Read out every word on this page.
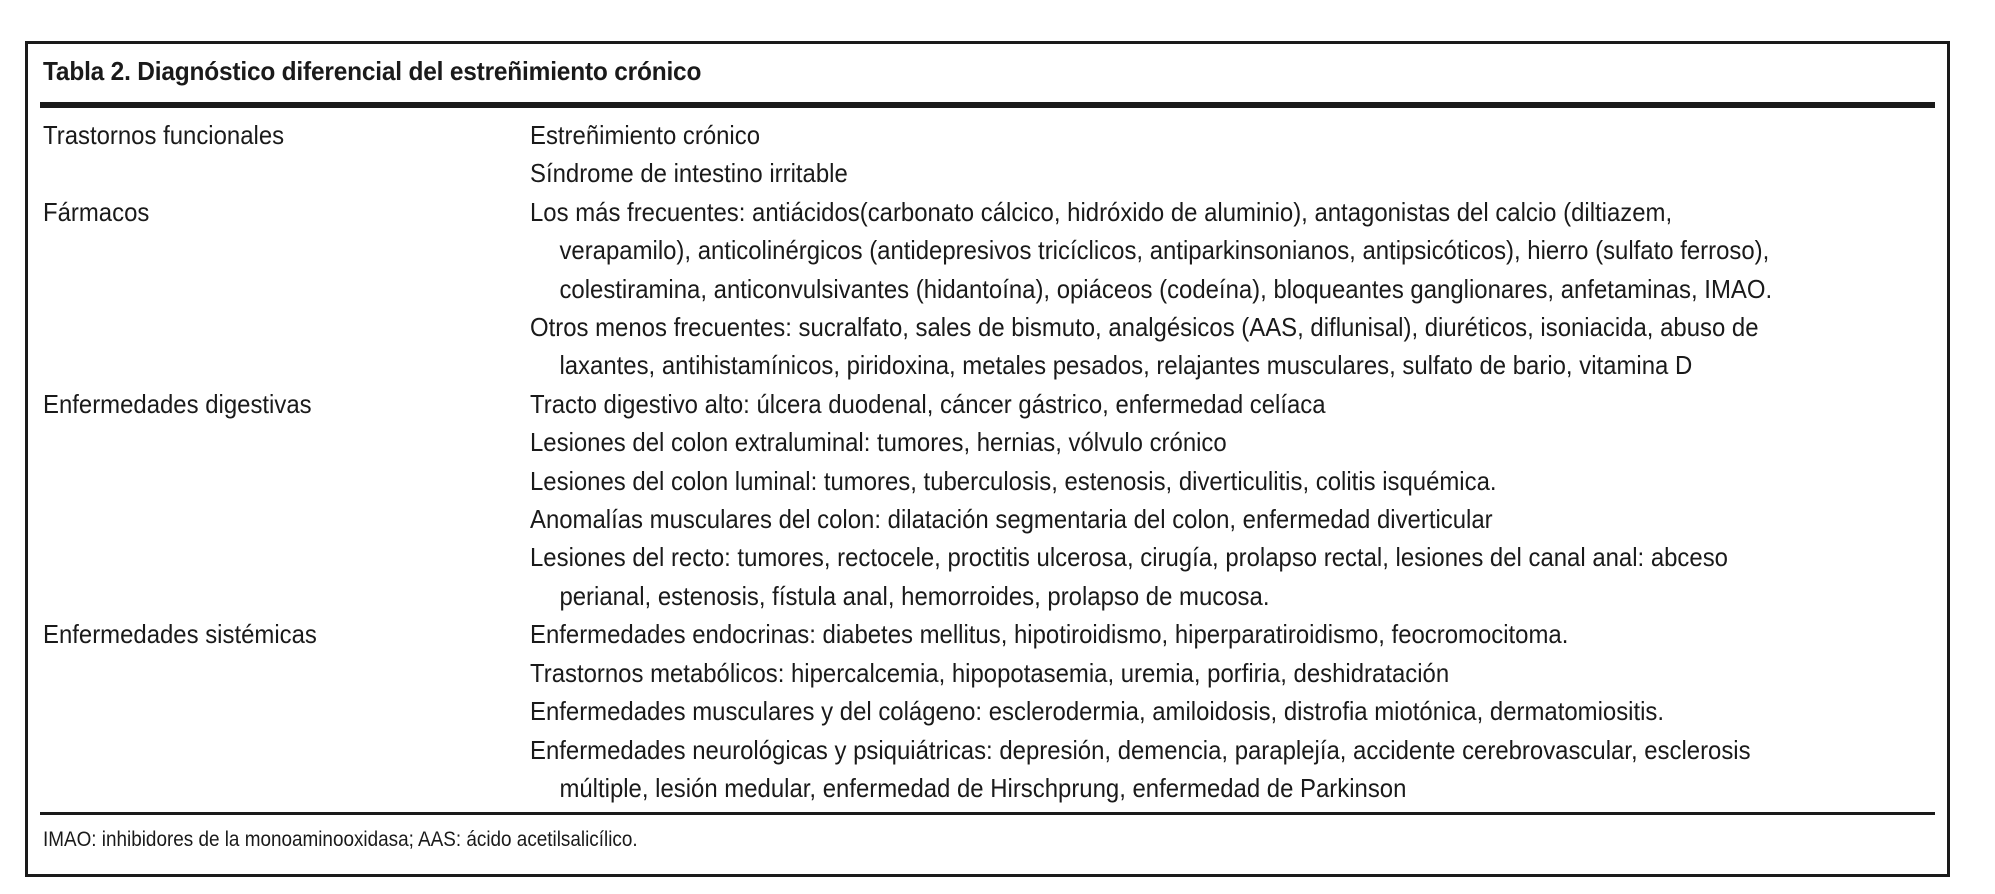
Tabla 2. Diagnóstico diferencial del estreñimiento crónico
Trastornos funcionales	Estreñimiento crónico
Síndrome de intestino irritable
Fármacos	Los más frecuentes: antiácidos(carbonato cálcico, hidróxido de aluminio), antagonistas del calcio (diltiazem,
verapamilo), anticolinérgicos (antidepresivos tricíclicos, antiparkinsonianos, antipsicóticos), hierro (sulfato ferroso),
colestiramina, anticonvulsivantes (hidantoína), opiáceos (codeína), bloqueantes ganglionares, anfetaminas, IMAO.
Otros menos frecuentes: sucralfato, sales de bismuto, analgésicos (AAS, diflunisal), diuréticos, isoniacida, abuso de
laxantes, antihistamínicos, piridoxina, metales pesados, relajantes musculares, sulfato de bario, vitamina D
Enfermedades digestivas	Tracto digestivo alto: úlcera duodenal, cáncer gástrico, enfermedad celíaca
Lesiones del colon extraluminal: tumores, hernias, vólvulo crónico
Lesiones del colon luminal: tumores, tuberculosis, estenosis, diverticulitis, colitis isquémica.
Anomalías musculares del colon: dilatación segmentaria del colon, enfermedad diverticular
Lesiones del recto: tumores, rectocele, proctitis ulcerosa, cirugía, prolapso rectal, lesiones del canal anal: abceso
perianal, estenosis, fístula anal, hemorroides, prolapso de mucosa.
Enfermedades sistémicas	Enfermedades endocrinas: diabetes mellitus, hipotiroidismo, hiperparatiroidismo, feocromocitoma.
Trastornos metabólicos: hipercalcemia, hipopotasemia, uremia, porfiria, deshidratación
Enfermedades musculares y del colágeno: esclerodermia, amiloidosis, distrofia miotónica, dermatomiositis.
Enfermedades neurológicas y psiquiátricas: depresión, demencia, paraplejía, accidente cerebrovascular, esclerosis
múltiple, lesión medular, enfermedad de Hirschprung, enfermedad de Parkinson
IMAO: inhibidores de la monoaminooxidasa; AAS: ácido acetilsalicílico.
